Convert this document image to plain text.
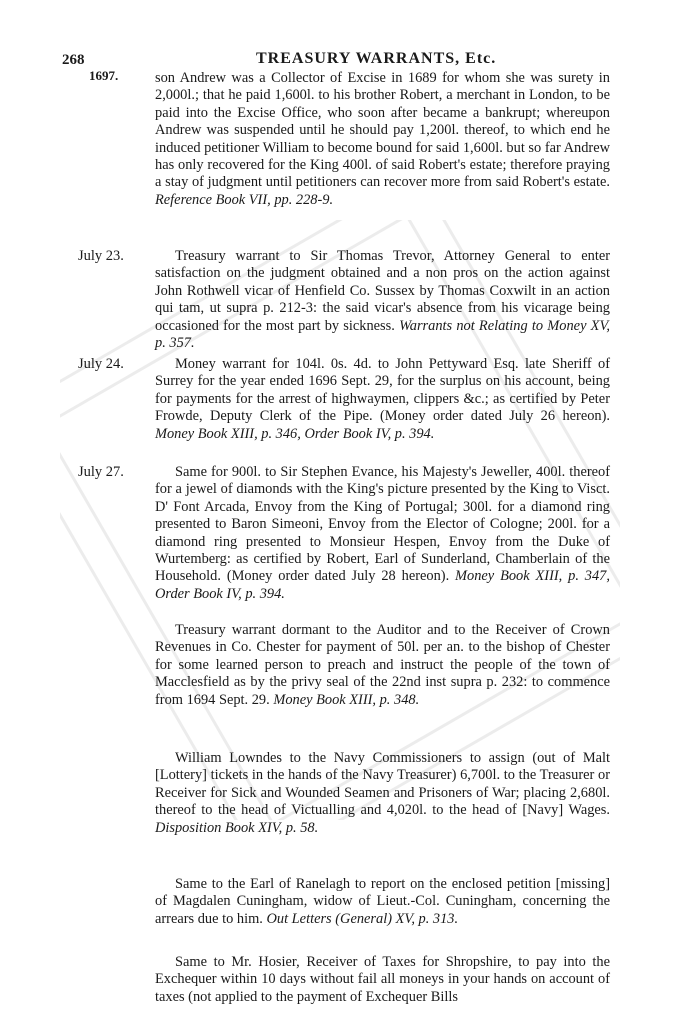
268	TREASURY WARRANTS, Etc.
1697.	son Andrew was a Collector of Excise in 1689 for whom she was surety in 2,000l.; that he paid 1,600l. to his brother Robert, a merchant in London, to be paid into the Excise Office, who soon after became a bankrupt; whereupon Andrew was suspended until he should pay 1,200l. thereof, to which end he induced petitioner William to become bound for said 1,600l. but so far Andrew has only recovered for the King 400l. of said Robert's estate; therefore praying a stay of judgment until petitioners can recover more from said Robert's estate. Reference Book VII, pp. 228-9.
July 23.	Treasury warrant to Sir Thomas Trevor, Attorney General to enter satisfaction on the judgment obtained and a non pros on the action against John Rothwell vicar of Henfield Co. Sussex by Thomas Coxwilt in an action qui tam, ut supra p. 212-3: the said vicar's absence from his vicarage being occasioned for the most part by sickness. Warrants not Relating to Money XV, p. 357.
July 24.	Money warrant for 104l. 0s. 4d. to John Pettyward Esq. late Sheriff of Surrey for the year ended 1696 Sept. 29, for the surplus on his account, being for payments for the arrest of highwaymen, clippers &c.; as certified by Peter Frowde, Deputy Clerk of the Pipe. (Money order dated July 26 hereon). Money Book XIII, p. 346, Order Book IV, p. 394.
July 27.	Same for 900l. to Sir Stephen Evance, his Majesty's Jeweller, 400l. thereof for a jewel of diamonds with the King's picture presented by the King to Visct. D' Font Arcada, Envoy from the King of Portugal; 300l. for a diamond ring presented to Baron Simeoni, Envoy from the Elector of Cologne; 200l. for a diamond ring presented to Monsieur Hespen, Envoy from the Duke of Wurtemberg: as certified by Robert, Earl of Sunderland, Chamberlain of the Household. (Money order dated July 28 hereon). Money Book XIII, p. 347, Order Book IV, p. 394.
Treasury warrant dormant to the Auditor and to the Receiver of Crown Revenues in Co. Chester for payment of 50l. per an. to the bishop of Chester for some learned person to preach and instruct the people of the town of Macclesfield as by the privy seal of the 22nd inst supra p. 232: to commence from 1694 Sept. 29. Money Book XIII, p. 348.
William Lowndes to the Navy Commissioners to assign (out of Malt [Lottery] tickets in the hands of the Navy Treasurer) 6,700l. to the Treasurer or Receiver for Sick and Wounded Seamen and Prisoners of War; placing 2,680l. thereof to the head of Victualling and 4,020l. to the head of [Navy] Wages. Disposition Book XIV, p. 58.
Same to the Earl of Ranelagh to report on the enclosed petition [missing] of Magdalen Cuningham, widow of Lieut.-Col. Cuningham, concerning the arrears due to him. Out Letters (General) XV, p. 313.
Same to Mr. Hosier, Receiver of Taxes for Shropshire, to pay into the Exchequer within 10 days without fail all moneys in your hands on account of taxes (not applied to the payment of Exchequer Bills
